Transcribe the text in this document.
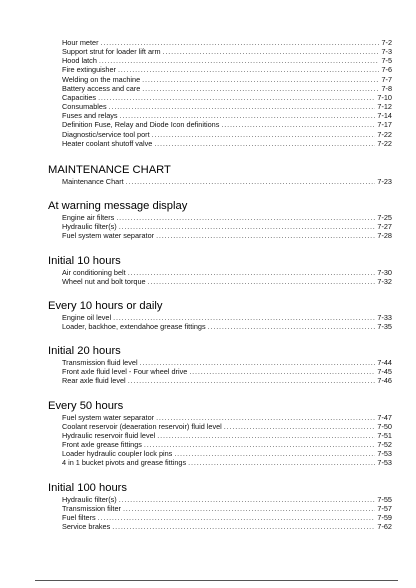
Hour meter . . .	7-2
Support strut for loader lift arm . . .	7-3
Hood latch . . .	7-5
Fire extinguisher . . .	7-6
Welding on the machine . . .	7-7
Battery access and care . . .	7-8
Capacities . . .	7-10
Consumables . . .	7-12
Fuses and relays . . .	7-14
Definition Fuse, Relay and Diode Icon definitions . . .	7-17
Diagnostic/service tool port . . .	7-22
Heater coolant shutoff valve . . .	7-22
MAINTENANCE CHART
Maintenance Chart . . .	7-23
At warning message display
Engine air filters . . .	7-25
Hydraulic filter(s) . . .	7-27
Fuel system water separator . . .	7-28
Initial 10 hours
Air conditioning belt . . .	7-30
Wheel nut and bolt torque . . .	7-32
Every 10 hours or daily
Engine oil level . . .	7-33
Loader, backhoe, extendahoe grease fittings . . .	7-35
Initial 20 hours
Transmission fluid level . . .	7-44
Front axle fluid level - Four wheel drive . . .	7-45
Rear axle fluid level . . .	7-46
Every 50 hours
Fuel system water separator . . .	7-47
Coolant reservoir (deaeration reservoir) fluid level . . .	7-50
Hydraulic reservoir fluid level . . .	7-51
Front axle grease fittings . . .	7-52
Loader hydraulic coupler lock pins . . .	7-53
4 in 1 bucket pivots and grease fittings . . .	7-53
Initial 100 hours
Hydraulic filter(s) . . .	7-55
Transmission filter . . .	7-57
Fuel filters . . .	7-59
Service brakes . . .	7-62
